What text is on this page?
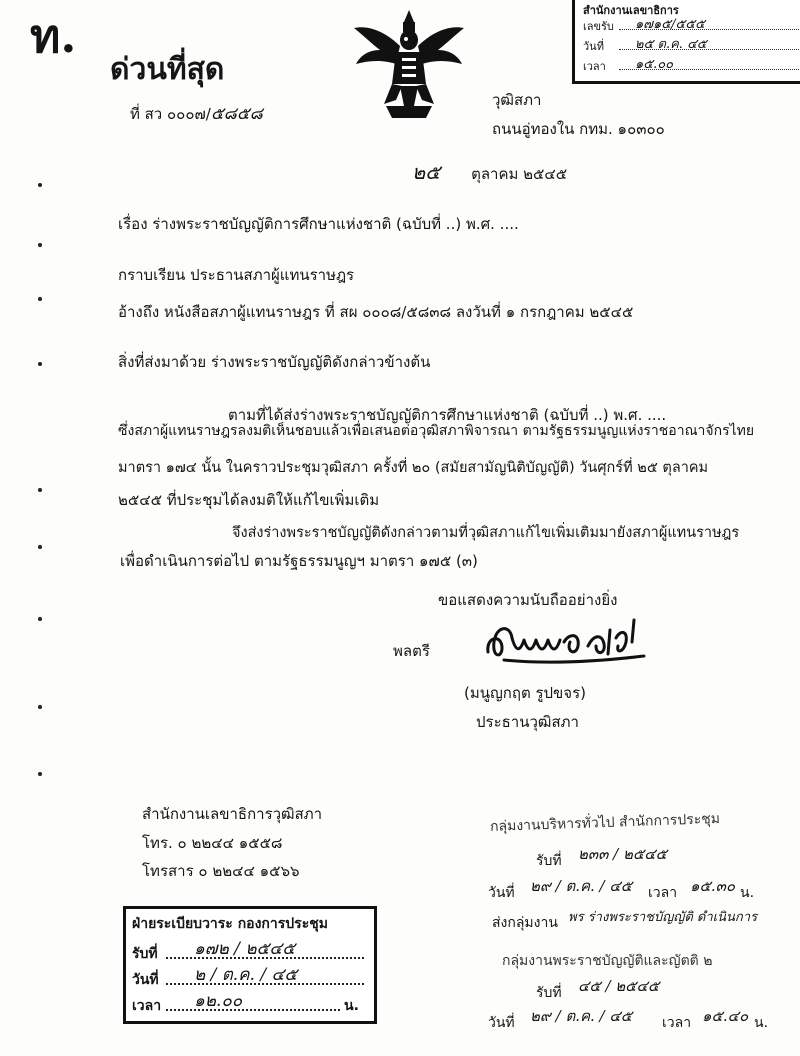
ท.
ด่วนที่สุด
ที่ สว ๐๐๐๗/๕๘๕๘
วุฒิสภา
ถนนอู่ทองใน กทม. ๑๐๓๐๐
๒๕ ตุลาคม ๒๕๔๕
สำนักงานเลขาธิการ
เลขรับ ๑๗๑๕/๕๕๕
วันที่ ๒๕ ต.ค. ๔๕
เวลา ๑๕.๐๐
เรื่อง ร่างพระราชบัญญัติการศึกษาแห่งชาติ (ฉบับที่ ..) พ.ศ. ....
กราบเรียน ประธานสภาผู้แทนราษฎร
อ้างถึง หนังสือสภาผู้แทนราษฎร ที่ สผ ๐๐๐๘/๕๘๓๘ ลงวันที่ ๑ กรกฎาคม ๒๕๔๕
สิ่งที่ส่งมาด้วย ร่างพระราชบัญญัติดังกล่าวข้างต้น
ตามที่ได้ส่งร่างพระราชบัญญัติการศึกษาแห่งชาติ (ฉบับที่ ..) พ.ศ. ....
ซึ่งสภาผู้แทนราษฎรลงมติเห็นชอบแล้วเพื่อเสนอต่อวุฒิสภาพิจารณา ตามรัฐธรรมนูญแห่งราชอาณาจักรไทย
มาตรา ๑๗๔ นั้น ในคราวประชุมวุฒิสภา ครั้งที่ ๒๐ (สมัยสามัญนิติบัญญัติ) วันศุกร์ที่ ๒๕ ตุลาคม
๒๕๔๕ ที่ประชุมได้ลงมติให้แก้ไขเพิ่มเติม
จึงส่งร่างพระราชบัญญัติดังกล่าวตามที่วุฒิสภาแก้ไขเพิ่มเติมมายังสภาผู้แทนราษฎร
เพื่อดำเนินการต่อไป ตามรัฐธรรมนูญฯ มาตรา ๑๗๕ (๓)
ขอแสดงความนับถืออย่างยิ่ง
พลตรี
(มนูญกฤต รูปขจร)
ประธานวุฒิสภา
สำนักงานเลขาธิการวุฒิสภา
โทร. ๐ ๒๒๔๔ ๑๕๕๘
โทรสาร ๐ ๒๒๔๔ ๑๕๖๖
ฝ่ายระเบียบวาระ กองการประชุม
รับที่ ๑๗๒ / ๒๕๔๕
วันที่ ๒ / ต.ค. / ๔๕
เวลา ๑๒.๐๐	น.
กลุ่มงานบริหารทั่วไป สำนักการประชุม
รับที่ ๒๓๓ / ๒๕๔๕
วันที่ ๒๙ / ต.ค. / ๔๕ เวลา ๑๕.๓๐ น.
ส่งกลุ่มงาน พร ร่างพระราชบัญญัติ ดำเนินการ
กลุ่มงานพระราชบัญญัติและญัตติ ๒
รับที่ ๔๕ / ๒๕๔๕
วันที่ ๒๙ / ต.ค. / ๔๕ เวลา ๑๕.๔๐ น.
